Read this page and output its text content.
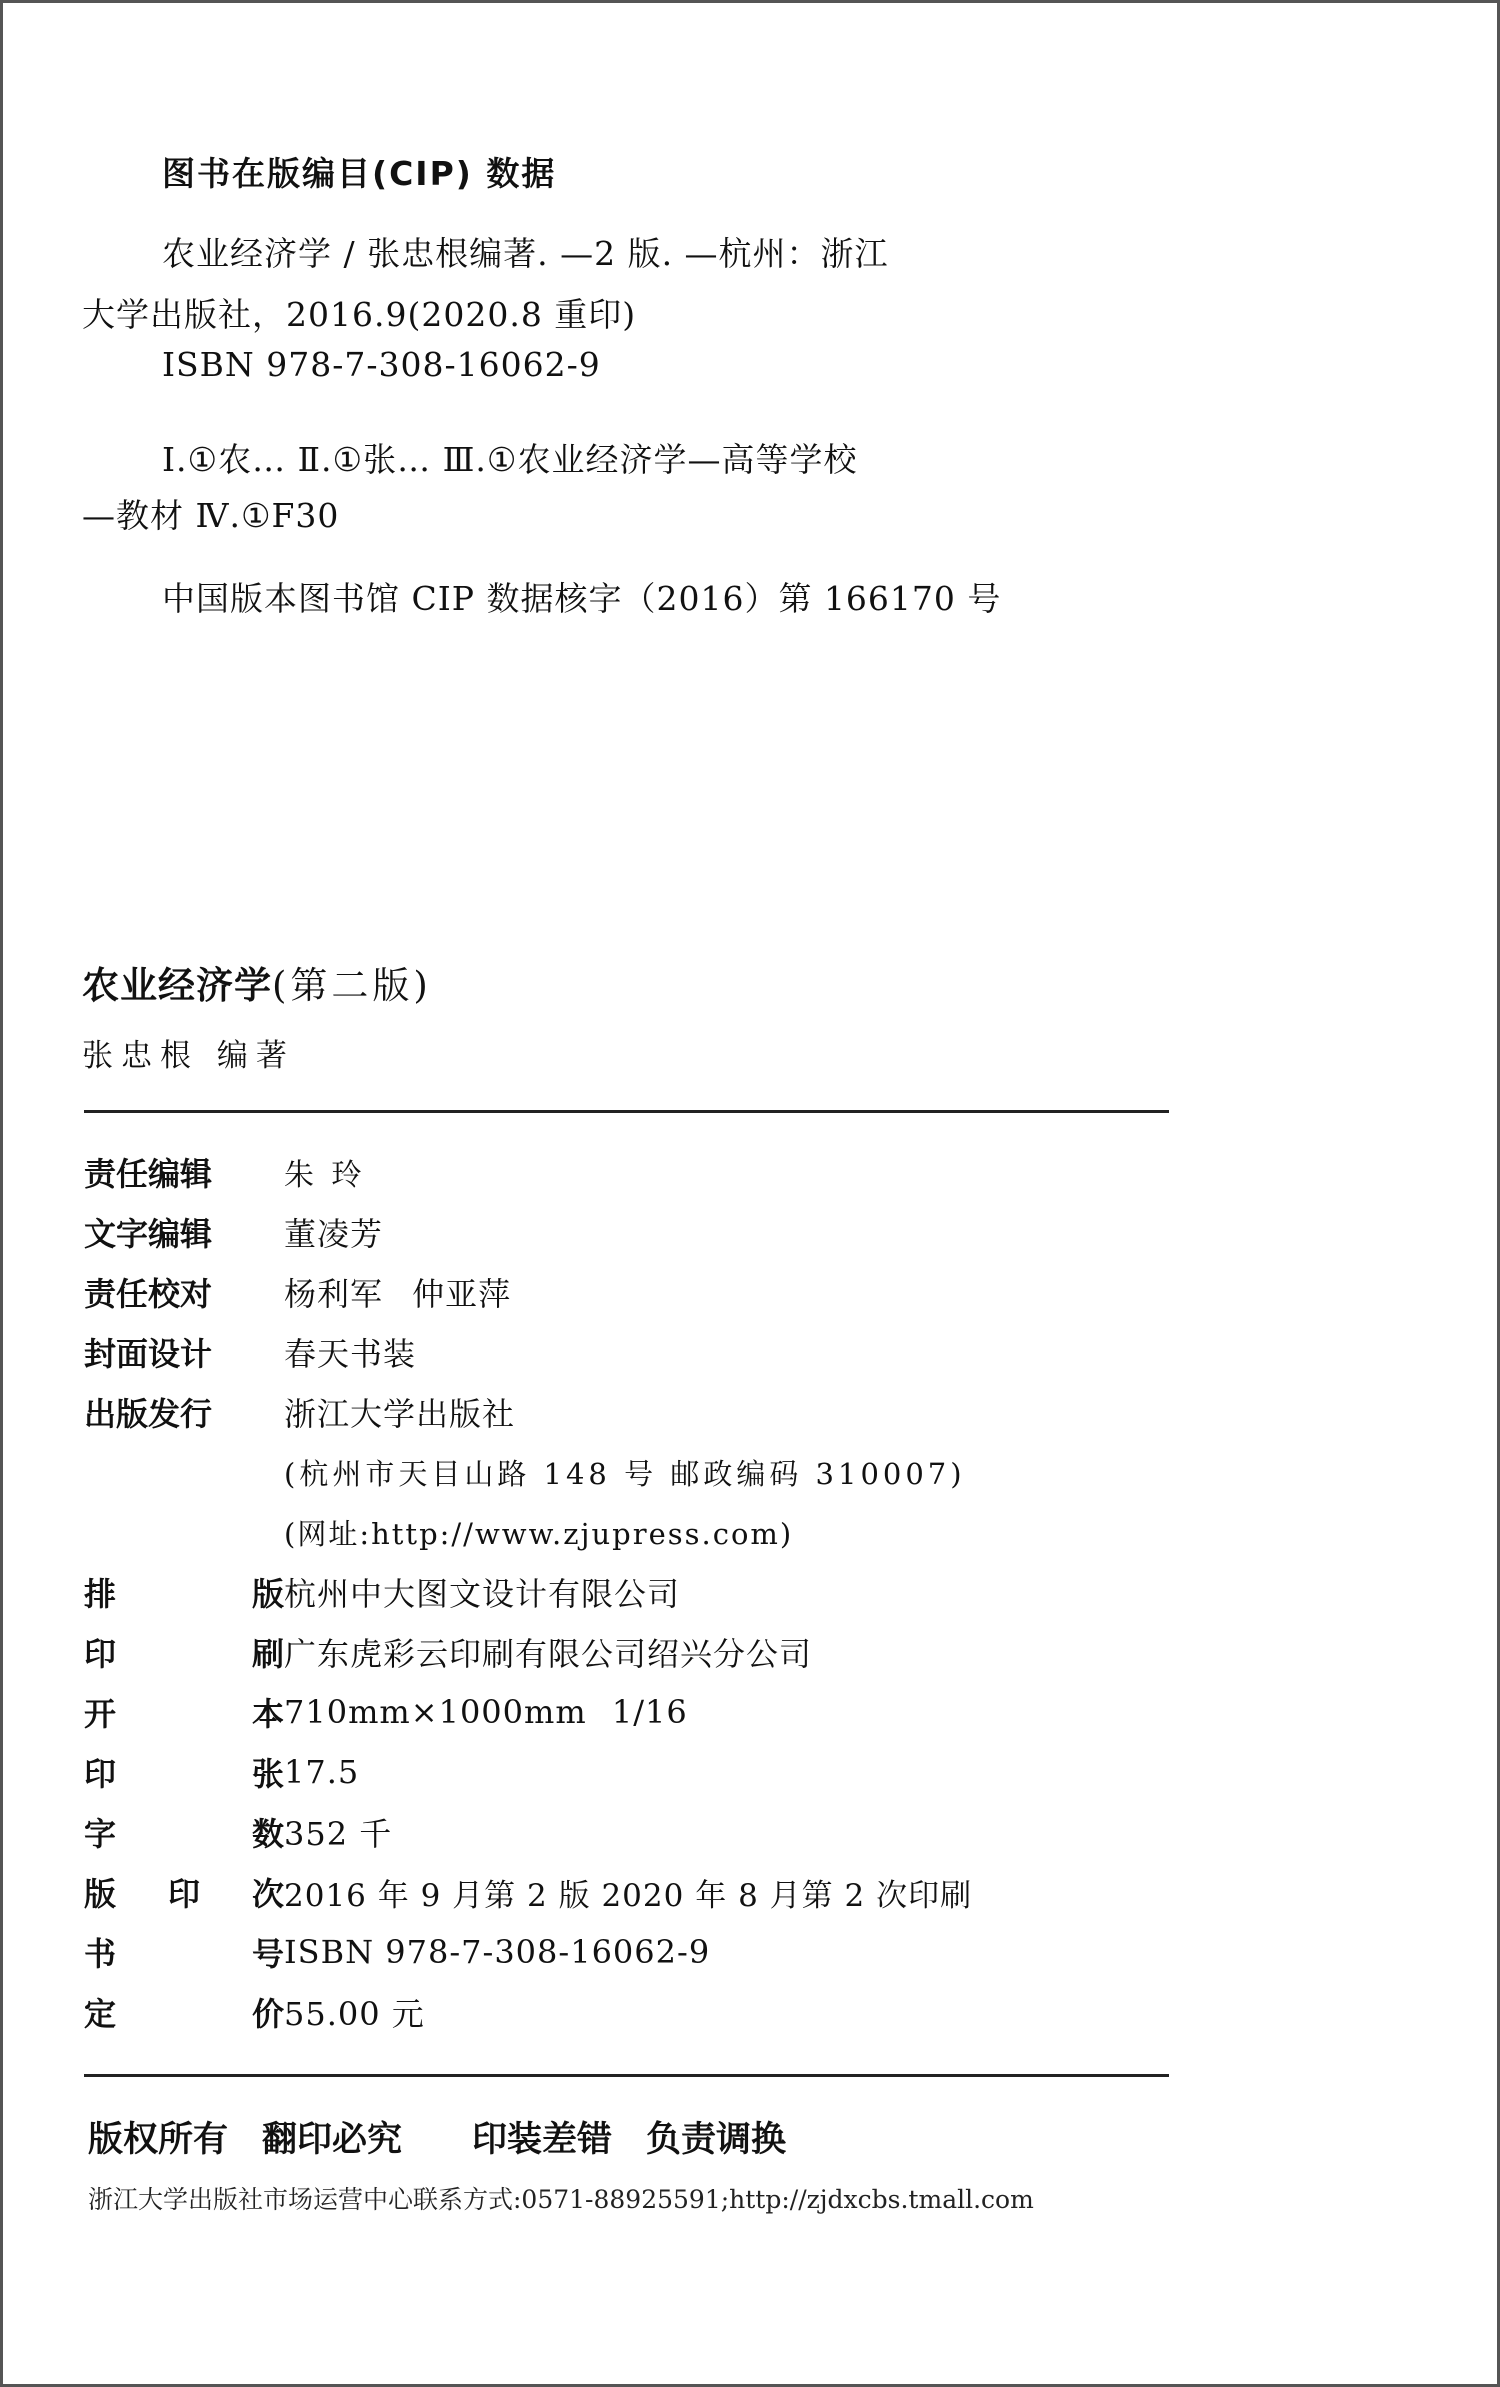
图书在版编目(CIP) 数据
农业经济学 / 张忠根编著. —2 版. —杭州：浙江
大学出版社，2016.9(2020.8 重印)
ISBN 978-7-308-16062-9
Ⅰ.①农… Ⅱ.①张… Ⅲ.①农业经济学—高等学校
—教材 Ⅳ.①F30
中国版本图书馆 CIP 数据核字（2016）第 166170 号
农业经济学(第二版)
张忠根 编著
责任编辑	朱 玲
文字编辑	董凌芳
责任校对	杨利军 仲亚萍
封面设计	春天书装
出版发行	浙江大学出版社
(杭州市天目山路 148 号 邮政编码 310007)
(网址:http://www.zjupress.com)
排	版 杭州中大图文设计有限公司
印	刷 广东虎彩云印刷有限公司绍兴分公司
开	本 710mm×1000mm 1/16
印	张 17.5
字	数 352 千
版 印 次 2016 年 9 月第 2 版 2020 年 8 月第 2 次印刷
书	号 ISBN 978-7-308-16062-9
定	价 55.00 元
版权所有 翻印必究 印装差错 负责调换
浙江大学出版社市场运营中心联系方式:0571-88925591;http://zjdxcbs.tmall.com
